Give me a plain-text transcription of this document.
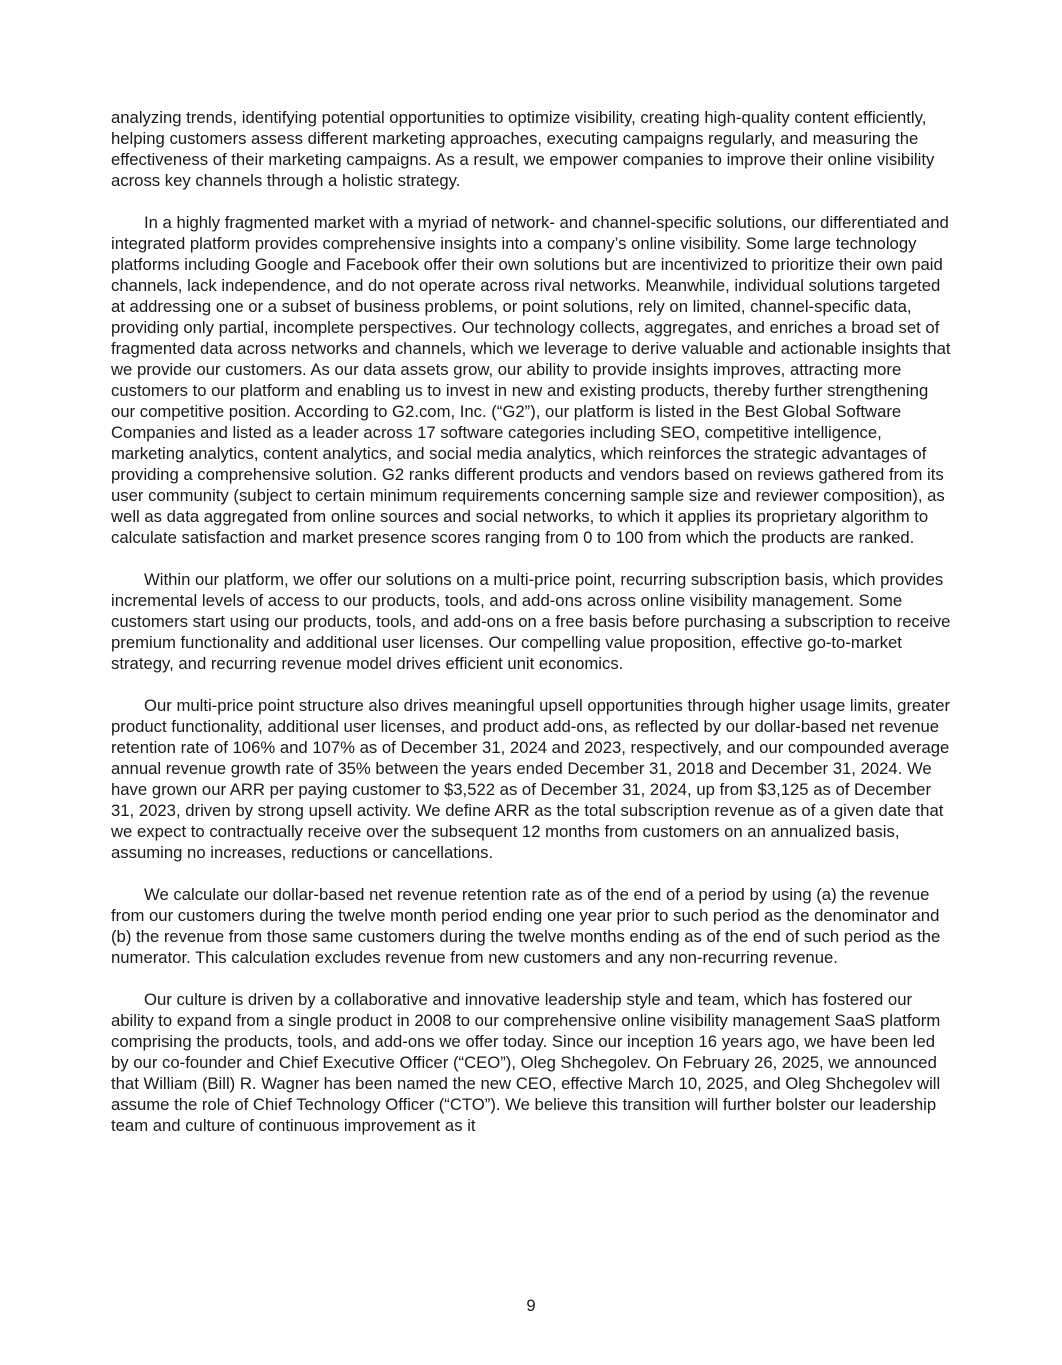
analyzing trends, identifying potential opportunities to optimize visibility, creating high-quality content efficiently, helping customers assess different marketing approaches, executing campaigns regularly, and measuring the effectiveness of their marketing campaigns. As a result, we empower companies to improve their online visibility across key channels through a holistic strategy.

In a highly fragmented market with a myriad of network- and channel-specific solutions, our differentiated and integrated platform provides comprehensive insights into a company’s online visibility. Some large technology platforms including Google and Facebook offer their own solutions but are incentivized to prioritize their own paid channels, lack independence, and do not operate across rival networks. Meanwhile, individual solutions targeted at addressing one or a subset of business problems, or point solutions, rely on limited, channel-specific data, providing only partial, incomplete perspectives. Our technology collects, aggregates, and enriches a broad set of fragmented data across networks and channels, which we leverage to derive valuable and actionable insights that we provide our customers. As our data assets grow, our ability to provide insights improves, attracting more customers to our platform and enabling us to invest in new and existing products, thereby further strengthening our competitive position. According to G2.com, Inc. (“G2”), our platform is listed in the Best Global Software Companies and listed as a leader across 17 software categories including SEO, competitive intelligence, marketing analytics, content analytics, and social media analytics, which reinforces the strategic advantages of providing a comprehensive solution. G2 ranks different products and vendors based on reviews gathered from its user community (subject to certain minimum requirements concerning sample size and reviewer composition), as well as data aggregated from online sources and social networks, to which it applies its proprietary algorithm to calculate satisfaction and market presence scores ranging from 0 to 100 from which the products are ranked.

Within our platform, we offer our solutions on a multi-price point, recurring subscription basis, which provides incremental levels of access to our products, tools, and add-ons across online visibility management. Some customers start using our products, tools, and add-ons on a free basis before purchasing a subscription to receive premium functionality and additional user licenses. Our compelling value proposition, effective go-to-market strategy, and recurring revenue model drives efficient unit economics.

Our multi-price point structure also drives meaningful upsell opportunities through higher usage limits, greater product functionality, additional user licenses, and product add-ons, as reflected by our dollar-based net revenue retention rate of 106% and 107% as of December 31, 2024 and 2023, respectively, and our compounded average annual revenue growth rate of 35% between the years ended December 31, 2018 and December 31, 2024. We have grown our ARR per paying customer to $3,522 as of December 31, 2024, up from $3,125 as of December 31, 2023, driven by strong upsell activity. We define ARR as the total subscription revenue as of a given date that we expect to contractually receive over the subsequent 12 months from customers on an annualized basis, assuming no increases, reductions or cancellations.

We calculate our dollar-based net revenue retention rate as of the end of a period by using (a) the revenue from our customers during the twelve month period ending one year prior to such period as the denominator and (b) the revenue from those same customers during the twelve months ending as of the end of such period as the numerator. This calculation excludes revenue from new customers and any non-recurring revenue.

Our culture is driven by a collaborative and innovative leadership style and team, which has fostered our ability to expand from a single product in 2008 to our comprehensive online visibility management SaaS platform comprising the products, tools, and add-ons we offer today. Since our inception 16 years ago, we have been led by our co-founder and Chief Executive Officer (“CEO”), Oleg Shchegolev. On February 26, 2025, we announced that William (Bill) R. Wagner has been named the new CEO, effective March 10, 2025, and Oleg Shchegolev will assume the role of Chief Technology Officer (“CTO”). We believe this transition will further bolster our leadership team and culture of continuous improvement as it

9
